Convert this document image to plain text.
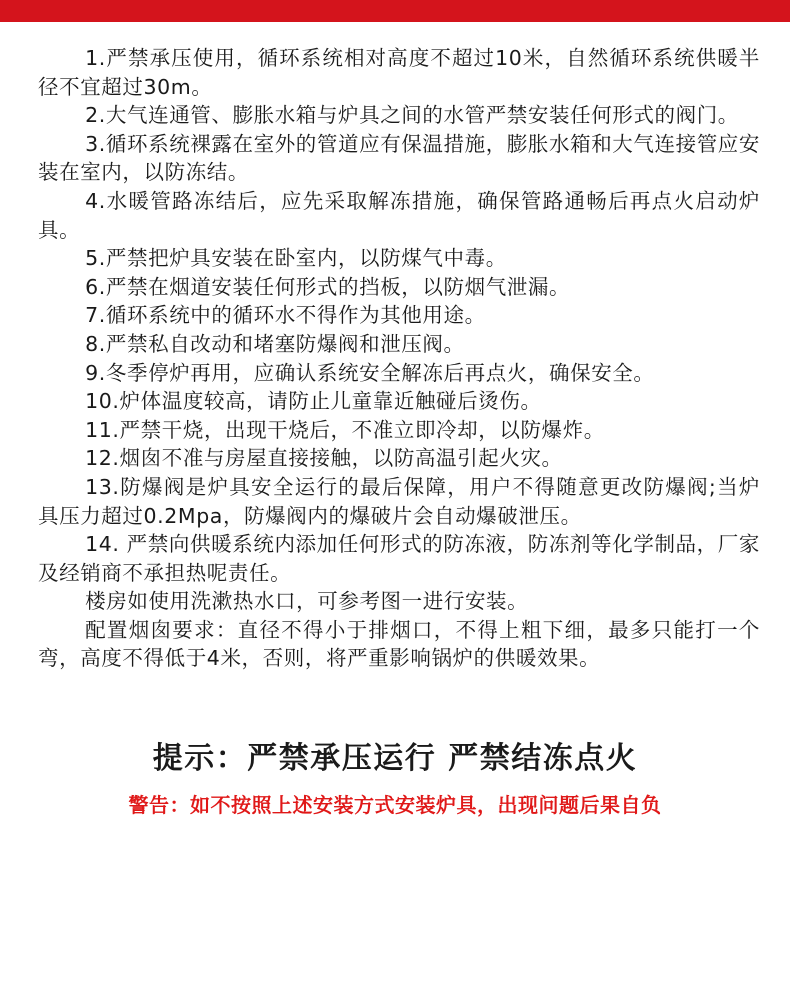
1.严禁承压使用，循环系统相对高度不超过10米，自然循环系统供暖半径不宜超过30m。

2.大气连通管、膨胀水箱与炉具之间的水管严禁安装任何形式的阀门。

3.循环系统裸露在室外的管道应有保温措施，膨胀水箱和大气连接管应安装在室内，以防冻结。

4.水暖管路冻结后，应先采取解冻措施，确保管路通畅后再点火启动炉具。

5.严禁把炉具安装在卧室内，以防煤气中毒。

6.严禁在烟道安装任何形式的挡板，以防烟气泄漏。

7.循环系统中的循环水不得作为其他用途。

8.严禁私自改动和堵塞防爆阀和泄压阀。

9.冬季停炉再用，应确认系统安全解冻后再点火，确保安全。

10.炉体温度较高，请防止儿童靠近触碰后烫伤。

11.严禁干烧，出现干烧后，不准立即冷却，以防爆炸。

12.烟囱不准与房屋直接接触，以防高温引起火灾。

13.防爆阀是炉具安全运行的最后保障，用户不得随意更改防爆阀;当炉具压力超过0.2Mpa，防爆阀内的爆破片会自动爆破泄压。

14. 严禁向供暖系统内添加任何形式的防冻液，防冻剂等化学制品，厂家及经销商不承担热呢责任。

楼房如使用洗漱热水口，可参考图一进行安装。

配置烟囱要求：直径不得小于排烟口，不得上粗下细，最多只能打一个弯，高度不得低于4米，否则，将严重影响锅炉的供暖效果。

提示：严禁承压运行 严禁结冻点火
警告：如不按照上述安装方式安装炉具，出现问题后果自负
